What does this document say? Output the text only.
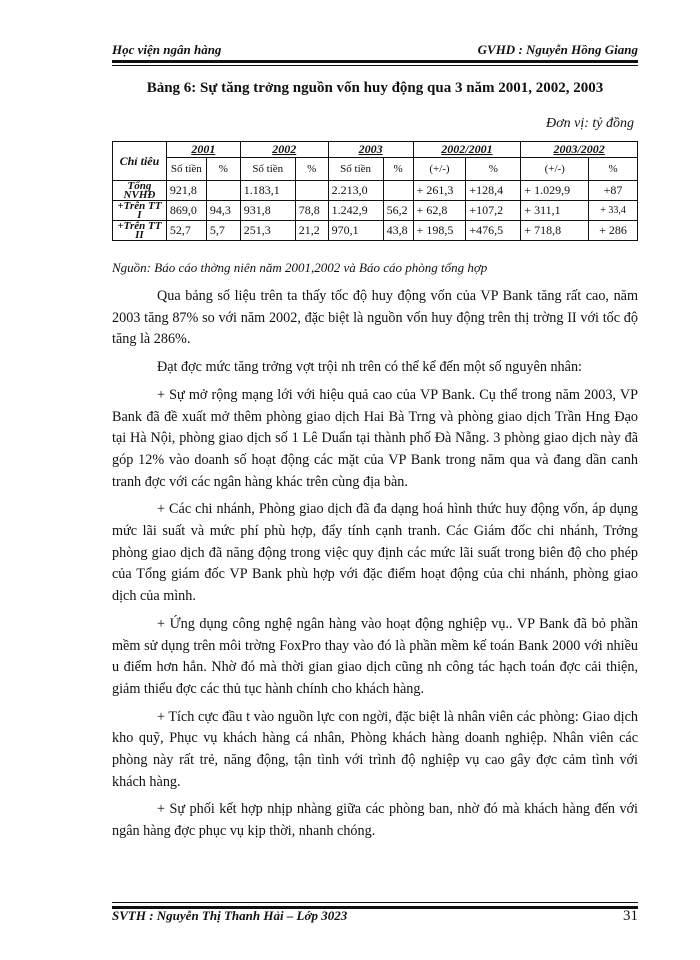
Học viện ngân hàng	GVHD : Nguyễn Hồng Giang
Bảng 6: Sự tăng trởng nguồn vốn huy động qua 3 năm 2001, 2002, 2003
Đơn vị: tỷ đồng
Chỉ tiêu	2001		2002		2003		2002/2001		2003/2002	
	Số tiền	%	Số tiền	%	Số tiền	%	(+/-)	%	(+/-)	%
Tổng NVHĐ	921,8		1.183,1		2.213,0		+ 261,3	+128,4	+ 1.029,9	+87
+Trên TT I	869,0	94,3	931,8	78,8	1.242,9	56,2	+ 62,8	+107,2	+ 311,1	+ 33,4
+Trên TT II	52,7	5,7	251,3	21,2	970,1	43,8	+ 198,5	+476,5	+ 718,8	+ 286
Nguồn: Báo cáo thờng niên năm 2001,2002 và Báo cáo phòng tổng hợp

Qua bảng số liệu trên ta thấy tốc độ huy động vốn của VP Bank tăng rất cao, năm 2003 tăng 87% so với năm 2002, đặc biệt là nguồn vốn huy động trên thị trờng II với tốc độ tăng là 286%.

Đạt đợc mức tăng trởng vợt trội nh trên có thể kể đến một số nguyên nhân:

+ Sự mở rộng mạng lới với hiệu quả cao của VP Bank. Cụ thể trong năm 2003, VP Bank đã đề xuất mở thêm phòng giao dịch Hai Bà Trng và phòng giao dịch Trần Hng Đạo tại Hà Nội, phòng giao dịch số 1 Lê Duẩn tại thành phố Đà Nẵng. 3 phòng giao dịch này đã góp 12% vào doanh số hoạt động các mặt của VP Bank trong năm qua và đang dần canh tranh đợc với các ngân hàng khác trên cùng địa bàn.

+ Các chi nhánh, Phòng giao dịch đã đa dạng hoá hình thức huy động vốn, áp dụng mức lãi suất và mức phí phù hợp, đẩy tính cạnh tranh. Các Giám đốc chi nhánh, Trởng phòng giao dịch đã năng động trong việc quy định các mức lãi suất trong biên độ cho phép của Tổng giám đốc VP Bank phù hợp với đặc điểm hoạt động của chi nhánh, phòng giao dịch của mình.

+ Ứng dụng công nghệ ngân hàng vào hoạt động nghiệp vụ.. VP Bank đã bỏ phần mềm sử dụng trên môi trờng FoxPro thay vào đó là phần mềm kế toán Bank 2000 với nhiều u điểm hơn hẳn. Nhờ đó mà thời gian giao dịch cũng nh công tác hạch toán đợc cải thiện, giảm thiểu đợc các thủ tục hành chính cho khách hàng.

+ Tích cực đầu t vào nguồn lực con ngời, đặc biệt là nhân viên các phòng: Giao dịch kho quỹ, Phục vụ khách hàng cá nhân, Phòng khách hàng doanh nghiệp. Nhân viên các phòng này rất trẻ, năng động, tận tình với trình độ nghiệp vụ cao gây đợc cảm tình với khách hàng.

+ Sự phối kết hợp nhịp nhàng giữa các phòng ban, nhờ đó mà khách hàng đến với ngân hàng đợc phục vụ kịp thời, nhanh chóng.

SVTH : Nguyễn Thị Thanh Hải – Lớp 3023	31
